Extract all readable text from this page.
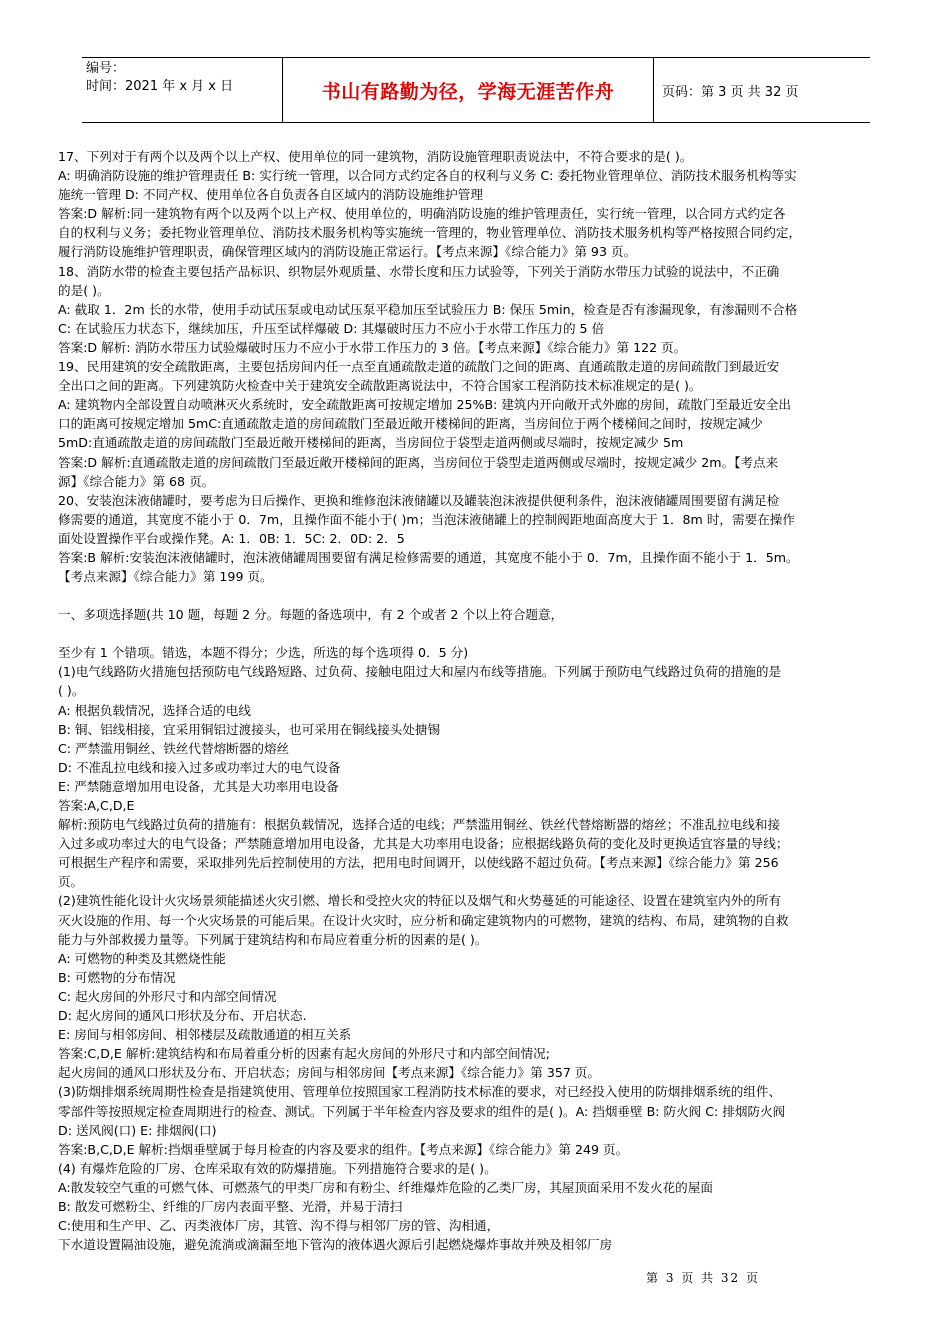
编号：
时间：2021 年 x 月 x 日	书山有路勤为径，学海无涯苦作舟	页码：第 3 页 共 32 页

17、下列对于有两个以及两个以上产权、使用单位的同一建筑物，消防设施管理职责说法中，不符合要求的是( )。

A: 明确消防设施的维护管理责任 B: 实行统一管理，以合同方式约定各自的权利与义务 C: 委托物业管理单位、消防技术服务机构等实

施统一管理 D: 不同产权、使用单位各自负责各自区域内的消防设施维护管理

答案:D 解析:同一建筑物有两个以及两个以上产权、使用单位的，明确消防设施的维护管理责任，实行统一管理，以合同方式约定各

自的权利与义务；委托物业管理单位、消防技术服务机构等实施统一管理的，物业管理单位、消防技术服务机构等严格按照合同约定，

履行消防设施维护管理职责，确保管理区域内的消防设施正常运行。【考点来源】《综合能力》第 93 页。

18、消防水带的检查主要包括产品标识、织物层外观质量、水带长度和压力试验等，下列关于消防水带压力试验的说法中，不正确

的是( )。

A: 截取 1．2m 长的水带，使用手动试压泵或电动试压泵平稳加压至试验压力 B: 保压 5min，检查是否有渗漏现象，有渗漏则不合格

C: 在试验压力状态下，继续加压，升压至试样爆破 D: 其爆破时压力不应小于水带工作压力的 5 倍

答案:D 解析: 消防水带压力试验爆破时压力不应小于水带工作压力的 3 倍。【考点来源】《综合能力》第 122 页。

19、民用建筑的安全疏散距离，主要包括房间内任一点至直通疏散走道的疏散门之间的距离、直通疏散走道的房间疏散门到最近安

全出口之间的距离。下列建筑防火检查中关于建筑安全疏散距离说法中，不符合国家工程消防技术标准规定的是( )。

A: 建筑物内全部设置自动喷淋灭火系统时，安全疏散距离可按规定增加 25%B: 建筑内开向敞开式外廊的房间，疏散门至最近安全出

口的距离可按规定增加 5mC:直通疏散走道的房间疏散门至最近敞开楼梯间的距离，当房间位于两个楼梯间之间时，按规定减少

5mD:直通疏散走道的房间疏散门至最近敞开楼梯间的距离，当房间位于袋型走道两侧或尽端时，按规定减少 5m

答案:D 解析:直通疏散走道的房间疏散门至最近敞开楼梯间的距离，当房间位于袋型走道两侧或尽端时，按规定减少 2m。【考点来

源】《综合能力》第 68 页。

20、安装泡沫液储罐时，要考虑为日后操作、更换和维修泡沫液储罐以及罐装泡沫液提供便利条件，泡沫液储罐周围要留有满足检

修需要的通道，其宽度不能小于 0．7m，且操作面不能小于( )m；当泡沫液储罐上的控制阀距地面高度大于 1．8m 时，需要在操作

面处设置操作平台或操作凳。A: 1．0B: 1．5C: 2．0D: 2．5

答案:B 解析:安装泡沫液储罐时，泡沫液储罐周围要留有满足检修需要的通道，其宽度不能小于 0．7m，且操作面不能小于 1．5m。

【考点来源】《综合能力》第 199 页。

一、多项选择题(共 10 题，每题 2 分。每题的备选项中，有 2 个或者 2 个以上符合题意，

至少有 1 个错项。错选，本题不得分；少选，所选的每个选项得 0．5 分)

(1)电气线路防火措施包括预防电气线路短路、过负荷、接触电阻过大和屋内布线等措施。下列属于预防电气线路过负荷的措施的是

( )。

A: 根据负载情况，选择合适的电线

B: 铜、铝线相接，宜采用铜铝过渡接头，也可采用在铜线接头处搪锡

C: 严禁滥用铜丝、铁丝代替熔断器的熔丝

D: 不准乱拉电线和接入过多或功率过大的电气设备

E: 严禁随意增加用电设备，尤其是大功率用电设备

答案:A,C,D,E

解析:预防电气线路过负荷的措施有：根据负载情况，选择合适的电线；严禁滥用铜丝、铁丝代替熔断器的熔丝；不准乱拉电线和接

入过多或功率过大的电气设备；严禁随意增加用电设备，尤其是大功率用电设备；应根据线路负荷的变化及时更换适宜容量的导线；

可根据生产程序和需要，采取排列先后控制使用的方法，把用电时间调开，以使线路不超过负荷。【考点来源】《综合能力》第 256

页。

(2)建筑性能化设计火灾场景须能描述火灾引燃、增长和受控火灾的特征以及烟气和火势蔓延的可能途径、设置在建筑室内外的所有

灭火设施的作用、每一个火灾场景的可能后果。在设计火灾时，应分析和确定建筑物内的可燃物，建筑的结构、布局，建筑物的自救

能力与外部救援力量等。下列属于建筑结构和布局应着重分析的因素的是( )。

A: 可燃物的种类及其燃烧性能

B: 可燃物的分布情况

C: 起火房间的外形尺寸和内部空间情况

D: 起火房间的通风口形状及分布、开启状态.

E: 房间与相邻房间、相邻楼层及疏散通道的相互关系

答案:C,D,E 解析:建筑结构和布局着重分析的因素有起火房间的外形尺寸和内部空间情况;

起火房间的通风口形状及分布、开启状态；房间与相邻房间【考点来源】《综合能力》第 357 页。

(3)防烟排烟系统周期性检查是指建筑使用、管理单位按照国家工程消防技术标准的要求，对已经投入使用的防烟排烟系统的组件、

零部件等按照规定检查周期进行的检查、测试。下列属于半年检查内容及要求的组件的是( )。A: 挡烟垂壁 B: 防火阀 C: 排烟防火阀

D: 送风阀(口) E: 排烟阀(口)

答案:B,C,D,E 解析:挡烟垂壁属于每月检查的内容及要求的组件。【考点来源】《综合能力》第 249 页。

(4) 有爆炸危险的厂房、仓库采取有效的防爆措施。下列措施符合要求的是( )。

A:散发较空气重的可燃气体、可燃蒸气的甲类厂房和有粉尘、纤维爆炸危险的乙类厂房，其屋顶面采用不发火花的屋面

B: 散发可燃粉尘、纤维的厂房内表面平整、光滑，并易于清扫

C:使用和生产甲、乙、丙类液体厂房，其管、沟不得与相邻厂房的管、沟相通，

下水道设置隔油设施，避免流淌或滴漏至地下管沟的液体遇火源后引起燃烧爆炸事故并殃及相邻厂房

第 3 页 共 32 页
